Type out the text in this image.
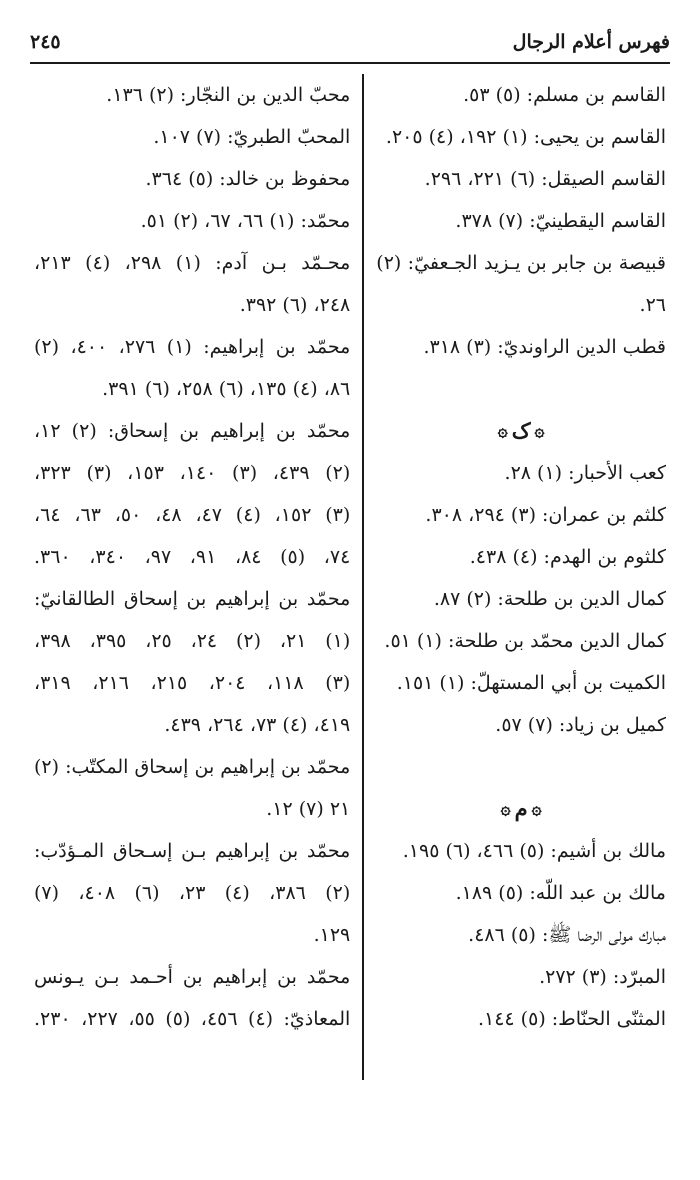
فهرس أعلام الرجال
٢٤٥
القاسم بن مسلم: (٥) ٥٣.
القاسم بن يحيى: (١) ١٩٢، (٤) ٢٠٥.
القاسم الصيقل: (٦) ٢٢١، ٢٩٦.
القاسم اليقطينيّ: (٧) ٣٧٨.
قبيصة بن جابر بن يـزيد الجـعفيّ: (٢)
٢٦.
قطب الدين الراونديّ: (٣) ٣١٨.
۞
ک
۞
كعب الأحبار: (١) ٢٨.
كلثم بن عمران: (٣) ٢٩٤، ٣٠٨.
كلثوم بن الهدم: (٤) ٤٣٨.
كمال الدين بن طلحة: (٢) ٨٧.
كمال الدين محمّد بن طلحة: (١) ٥١.
الكميت بن أبي المستهلّ: (١) ١٥١.
كميل بن زياد: (٧) ٥٧.
۞
م
۞
مالك بن أشيم: (٥) ٤٦٦، (٦) ١٩٥.
مالك بن عبد اللّه: (٥) ١٨٩.
مبارك مولى الرضا ﷺ: (٥) ٤٨٦.
المبرّد: (٣) ٢٧٢.
المثنّى الحنّاط: (٥) ١٤٤.
محبّ الدين بن النجّار: (٢) ١٣٦.
المحبّ الطبريّ: (٧) ١٠٧.
محفوظ بن خالد: (٥) ٣٦٤.
محمّد: (١) ٦٦، ٦٧، (٢) ٥١.
محـمّد بـن آدم: (١) ٢٩٨، (٤) ٢١٣،
٢٤٨، (٦) ٣٩٢.
محمّد بن إبراهيم: (١) ٢٧٦، ٤٠٠، (٢)
٨٦، (٤) ١٣٥، (٦) ٢٥٨، (٦) ٣٩١.
محمّد بن إبراهيم بن إسحاق: (٢) ١٢،
(٢) ٤٣٩، (٣) ١٤٠، ١٥٣، (٣) ٣٢٣،
(٣) ١٥٢، (٤) ٤٧، ٤٨، ٥٠، ٦٣، ٦٤،
٧٤، (٥) ٨٤، ٩١، ٩٧، ٣٤٠، ٣٦٠.
محمّد بن إبراهيم بن إسحاق الطالقانيّ:
(١) ٢١، (٢) ٢٤، ٢٥، ٣٩٥، ٣٩٨،
(٣) ١١٨، ٢٠٤، ٢١٥، ٢١٦، ٣١٩،
٤١٩، (٤) ٧٣، ٢٦٤، ٤٣٩.
محمّد بن إبراهيم بن إسحاق المكتّب: (٢)
٢١ (٧) ١٢.
محمّد بن إبراهيم بـن إسـحاق المـؤدّب:
(٢) ٣٨٦، (٤) ٢٣، (٦) ٤٠٨، (٧)
١٢٩.
محمّد بن إبراهيم بن أحـمد بـن يـونس
المعاذيّ: (٤) ٤٥٦، (٥) ٥٥، ٢٢٧، ٢٣٠.
